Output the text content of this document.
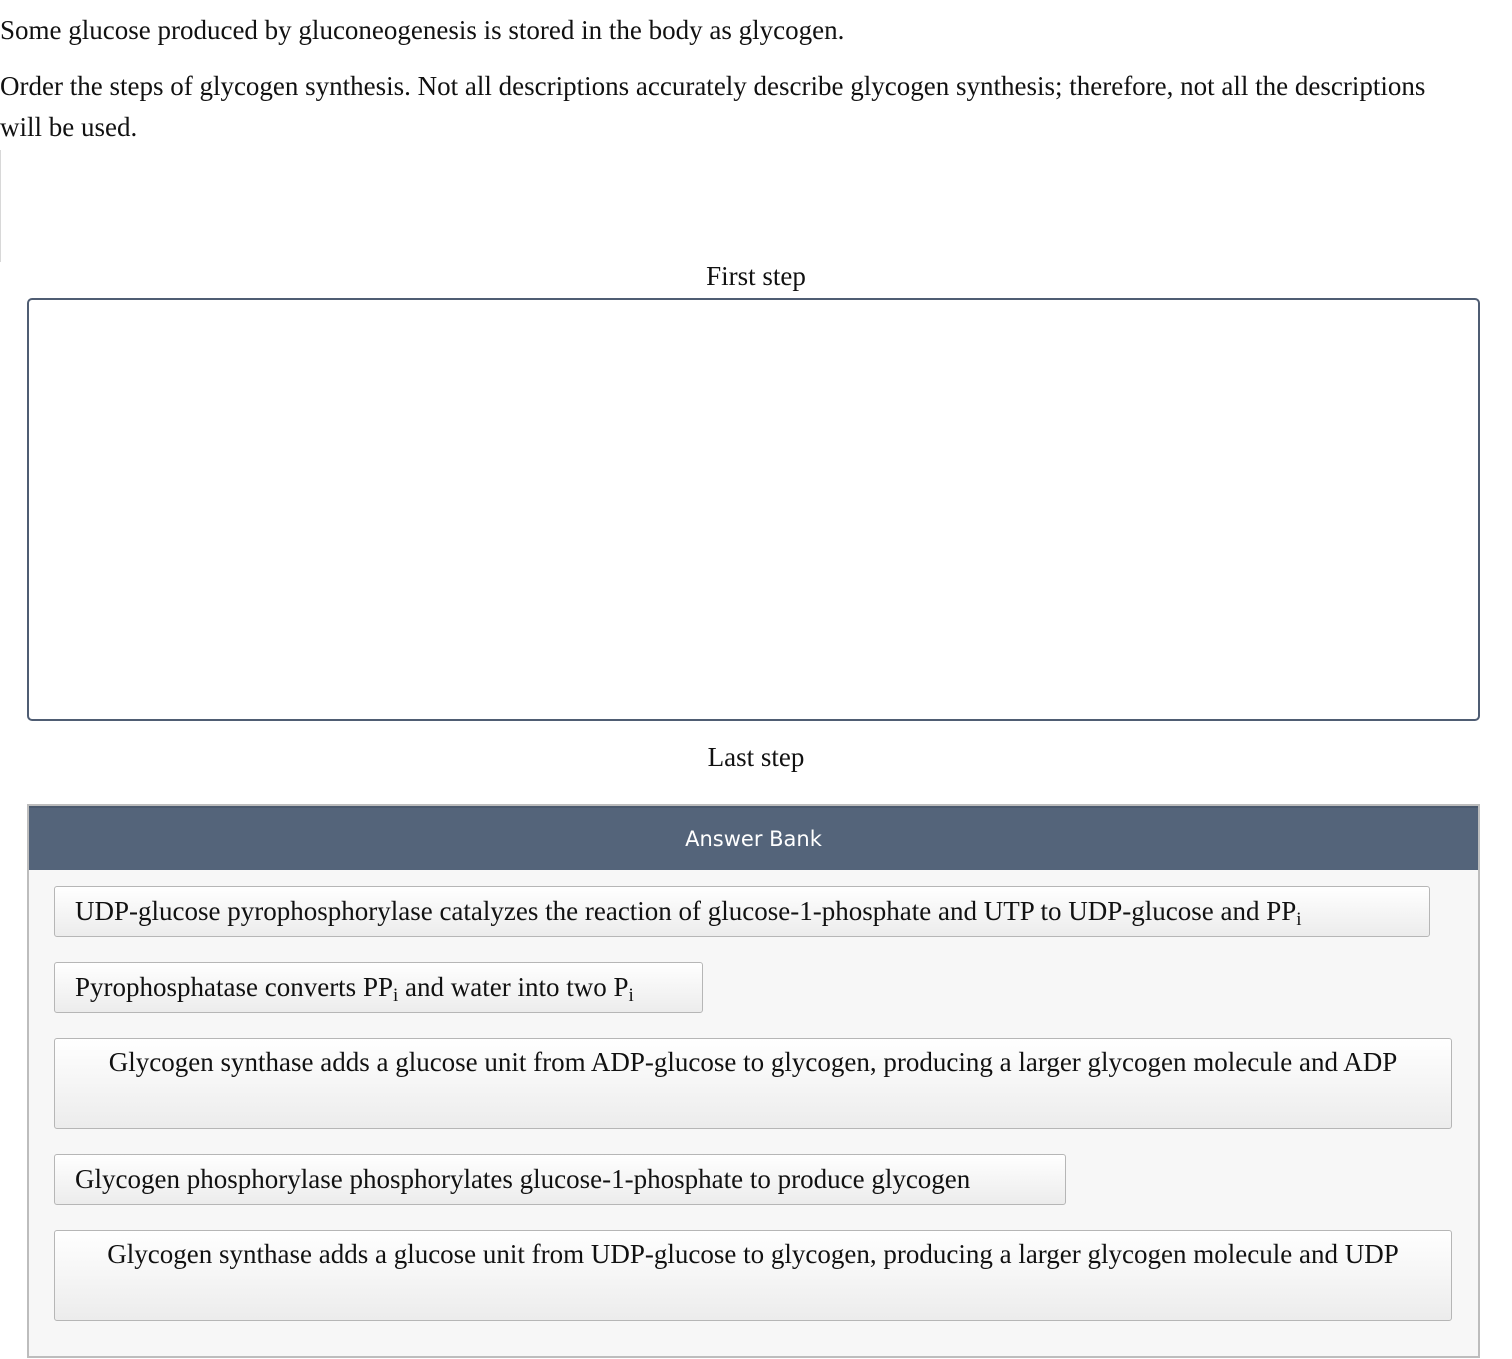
Some glucose produced by gluconeogenesis is stored in the body as glycogen.

Order the steps of glycogen synthesis. Not all descriptions accurately describe glycogen synthesis; therefore, not all the descriptions will be used.

First step
Last step
Answer Bank
UDP-glucose pyrophosphorylase catalyzes the reaction of glucose-1-phosphate and UTP to UDP-glucose and $PP_i$
Pyrophosphatase converts $PP_i$ and water into two $P_i$
Glycogen synthase adds a glucose unit from ADP-glucose to glycogen, producing a larger glycogen molecule and ADP
Glycogen phosphorylase phosphorylates glucose-1-phosphate to produce glycogen
Glycogen synthase adds a glucose unit from UDP-glucose to glycogen, producing a larger glycogen molecule and UDP
